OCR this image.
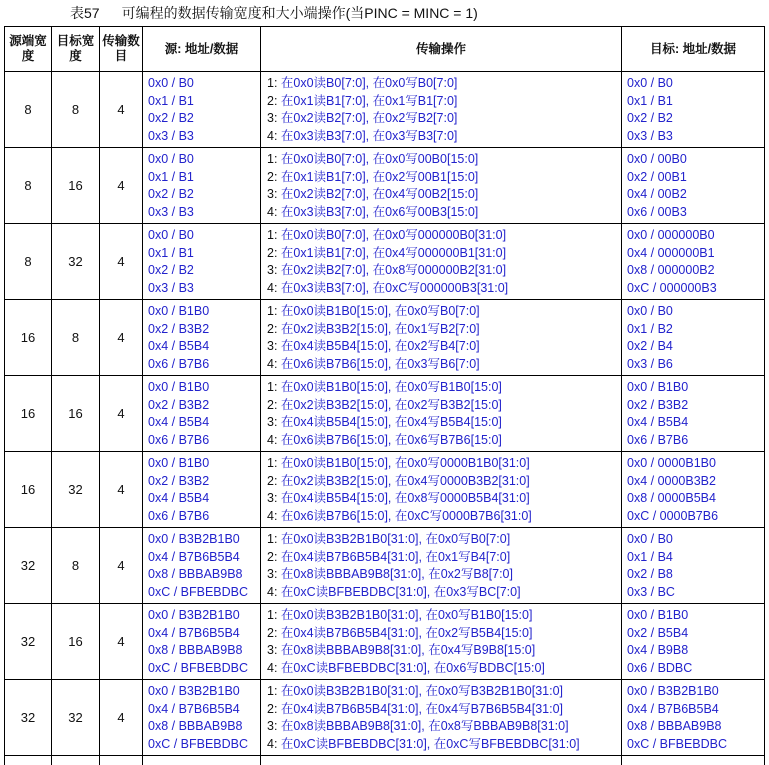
表57 可编程的数据传输宽度和大小端操作(当PINC = MINC = 1)
源端宽度
目标宽度
传输数目
源: 地址/数据	传输操作	目标: 地址/数据
8	8	4
0x0 / B0
0x1 / B1
0x2 / B2
0x3 / B3
1: 在0x0读B0[7:0], 在0x0写B0[7:0]
2: 在0x1读B1[7:0], 在0x1写B1[7:0]
3: 在0x2读B2[7:0], 在0x2写B2[7:0]
4: 在0x3读B3[7:0], 在0x3写B3[7:0]
0x0 / B0
0x1 / B1
0x2 / B2
0x3 / B3
8	16	4
0x0 / B0
0x1 / B1
0x2 / B2
0x3 / B3
1: 在0x0读B0[7:0], 在0x0写00B0[15:0]
2: 在0x1读B1[7:0], 在0x2写00B1[15:0]
3: 在0x2读B2[7:0], 在0x4写00B2[15:0]
4: 在0x3读B3[7:0], 在0x6写00B3[15:0]
0x0 / 00B0
0x2 / 00B1
0x4 / 00B2
0x6 / 00B3
8	32	4
0x0 / B0
0x1 / B1
0x2 / B2
0x3 / B3
1: 在0x0读B0[7:0], 在0x0写000000B0[31:0]
2: 在0x1读B1[7:0], 在0x4写000000B1[31:0]
3: 在0x2读B2[7:0], 在0x8写000000B2[31:0]
4: 在0x3读B3[7:0], 在0xC写000000B3[31:0]
0x0 / 000000B0
0x4 / 000000B1
0x8 / 000000B2
0xC / 000000B3
16	8	4
0x0 / B1B0
0x2 / B3B2
0x4 / B5B4
0x6 / B7B6
1: 在0x0读B1B0[15:0], 在0x0写B0[7:0]
2: 在0x2读B3B2[15:0], 在0x1写B2[7:0]
3: 在0x4读B5B4[15:0], 在0x2写B4[7:0]
4: 在0x6读B7B6[15:0], 在0x3写B6[7:0]
0x0 / B0
0x1 / B2
0x2 / B4
0x3 / B6
16	16	4
0x0 / B1B0
0x2 / B3B2
0x4 / B5B4
0x6 / B7B6
1: 在0x0读B1B0[15:0], 在0x0写B1B0[15:0]
2: 在0x2读B3B2[15:0], 在0x2写B3B2[15:0]
3: 在0x4读B5B4[15:0], 在0x4写B5B4[15:0]
4: 在0x6读B7B6[15:0], 在0x6写B7B6[15:0]
0x0 / B1B0
0x2 / B3B2
0x4 / B5B4
0x6 / B7B6
16	32	4
0x0 / B1B0
0x2 / B3B2
0x4 / B5B4
0x6 / B7B6
1: 在0x0读B1B0[15:0], 在0x0写0000B1B0[31:0]
2: 在0x2读B3B2[15:0], 在0x4写0000B3B2[31:0]
3: 在0x4读B5B4[15:0], 在0x8写0000B5B4[31:0]
4: 在0x6读B7B6[15:0], 在0xC写0000B7B6[31:0]
0x0 / 0000B1B0
0x4 / 0000B3B2
0x8 / 0000B5B4
0xC / 0000B7B6
32	8	4
0x0 / B3B2B1B0
0x4 / B7B6B5B4
0x8 / BBBAB9B8
0xC / BFBEBDBC
1: 在0x0读B3B2B1B0[31:0], 在0x0写B0[7:0]
2: 在0x4读B7B6B5B4[31:0], 在0x1写B4[7:0]
3: 在0x8读BBBAB9B8[31:0], 在0x2写B8[7:0]
4: 在0xC读BFBEBDBC[31:0], 在0x3写BC[7:0]
0x0 / B0
0x1 / B4
0x2 / B8
0x3 / BC
32	16	4
0x0 / B3B2B1B0
0x4 / B7B6B5B4
0x8 / BBBAB9B8
0xC / BFBEBDBC
1: 在0x0读B3B2B1B0[31:0], 在0x0写B1B0[15:0]
2: 在0x4读B7B6B5B4[31:0], 在0x2写B5B4[15:0]
3: 在0x8读BBBAB9B8[31:0], 在0x4写B9B8[15:0]
4: 在0xC读BFBEBDBC[31:0], 在0x6写BDBC[15:0]
0x0 / B1B0
0x2 / B5B4
0x4 / B9B8
0x6 / BDBC
32	32	4
0x0 / B3B2B1B0
0x4 / B7B6B5B4
0x8 / BBBAB9B8
0xC / BFBEBDBC
1: 在0x0读B3B2B1B0[31:0], 在0x0写B3B2B1B0[31:0]
2: 在0x4读B7B6B5B4[31:0], 在0x4写B7B6B5B4[31:0]
3: 在0x8读BBBAB9B8[31:0], 在0x8写BBBAB9B8[31:0]
4: 在0xC读BFBEBDBC[31:0], 在0xC写BFBEBDBC[31:0]
0x0 / B3B2B1B0
0x4 / B7B6B5B4
0x8 / BBBAB9B8
0xC / BFBEBDBC
